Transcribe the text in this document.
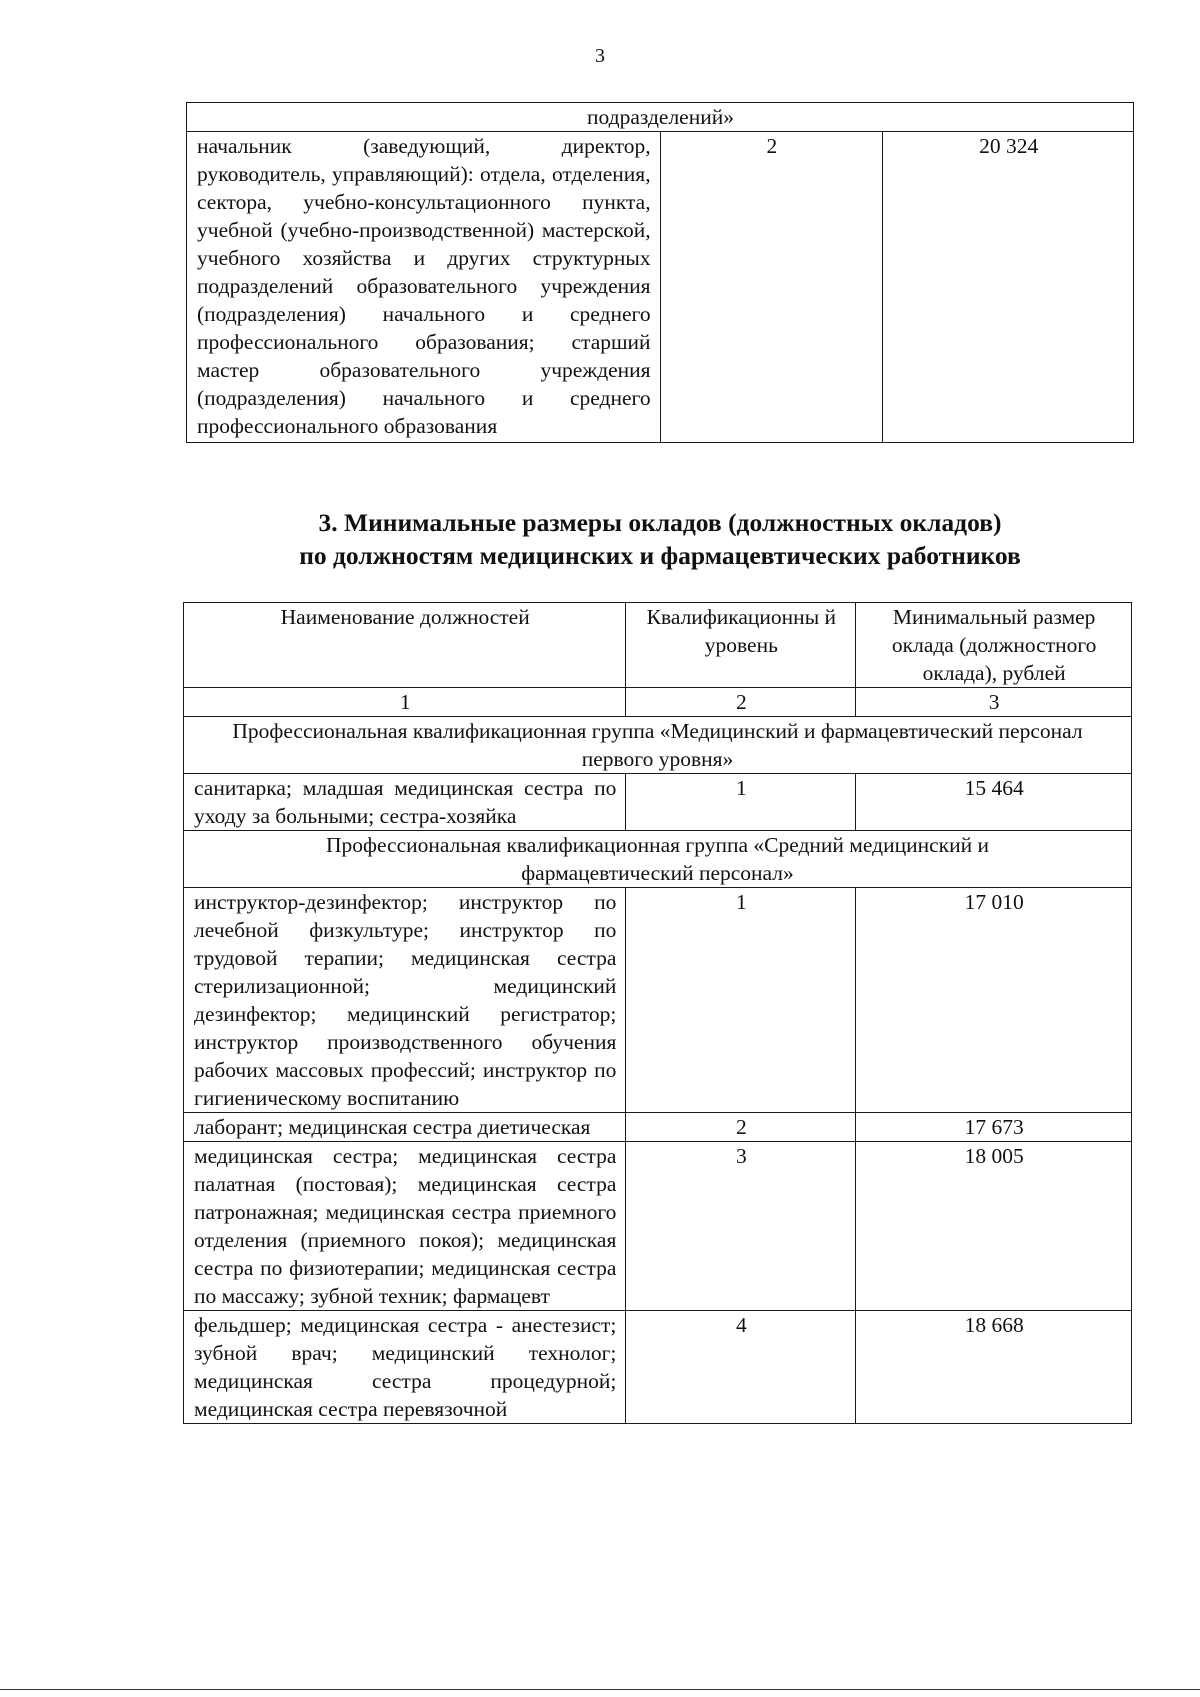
3
подразделений»
начальник (заведующий, директор, руководитель, управляющий): отдела, отделения, сектора, учебно-консультационного пункта, учебной (учебно-производственной) мастерской, учебного хозяйства и других структурных подразделений образовательного учреждения (подразделения) начального и среднего профессионального образования; старший мастер образовательного учреждения (подразделения) начального и среднего профессионального образования	2	20 324
3. Минимальные размеры окладов (должностных окладов)
по должностям медицинских и фармацевтических работников
Наименование должностей	Квалификационны й уровень	Минимальный размер оклада (должностного оклада), рублей
1	2	3
Профессиональная квалификационная группа «Медицинский и фармацевтический персонал первого уровня»		
санитарка; младшая медицинская сестра по уходу за больными; сестра-хозяйка	1	15 464
Профессиональная квалификационная группа «Средний медицинский и фармацевтический персонал»		
инструктор-дезинфектор; инструктор по лечебной физкультуре; инструктор по трудовой терапии; медицинская сестра стерилизационной; медицинский дезинфектор; медицинский регистратор; инструктор производственного обучения рабочих массовых профессий; инструктор по гигиеническому воспитанию	1	17 010
лаборант; медицинская сестра диетическая	2	17 673
медицинская сестра; медицинская сестра палатная (постовая); медицинская сестра патронажная; медицинская сестра приемного отделения (приемного покоя); медицинская сестра по физиотерапии; медицинская сестра по массажу; зубной техник; фармацевт	3	18 005
фельдшер; медицинская сестра - анестезист; зубной врач; медицинский технолог; медицинская сестра процедурной; медицинская сестра перевязочной	4	18 668
